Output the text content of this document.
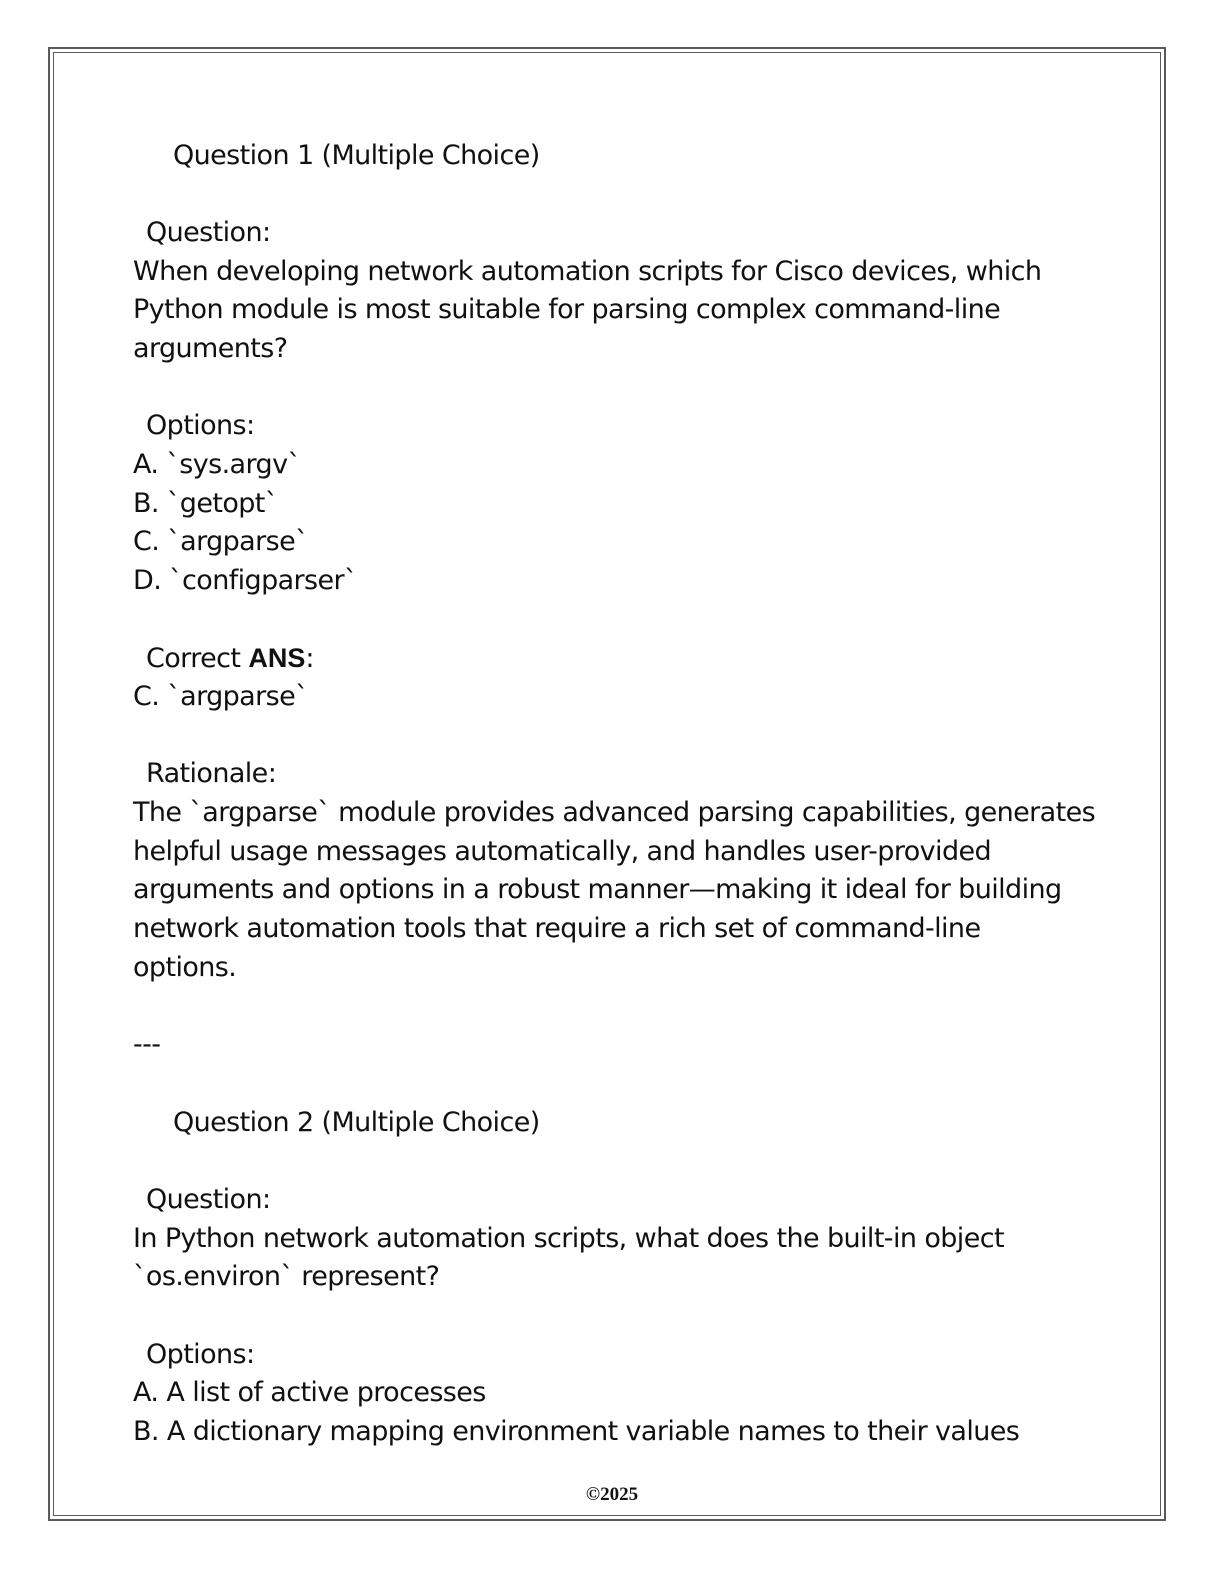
Question 1 (Multiple Choice)
Question:
When developing network automation scripts for Cisco devices, which
Python module is most suitable for parsing complex command-line
arguments?
Options:
A. `sys.argv`
B. `getopt`
C. `argparse`
D. `configparser`
Correct ANS:
C. `argparse`
Rationale:
The `argparse` module provides advanced parsing capabilities, generates
helpful usage messages automatically, and handles user-provided
arguments and options in a robust manner—making it ideal for building
network automation tools that require a rich set of command-line
options.
---
Question 2 (Multiple Choice)
Question:
In Python network automation scripts, what does the built-in object
`os.environ` represent?
Options:
A. A list of active processes
B. A dictionary mapping environment variable names to their values
©2025
